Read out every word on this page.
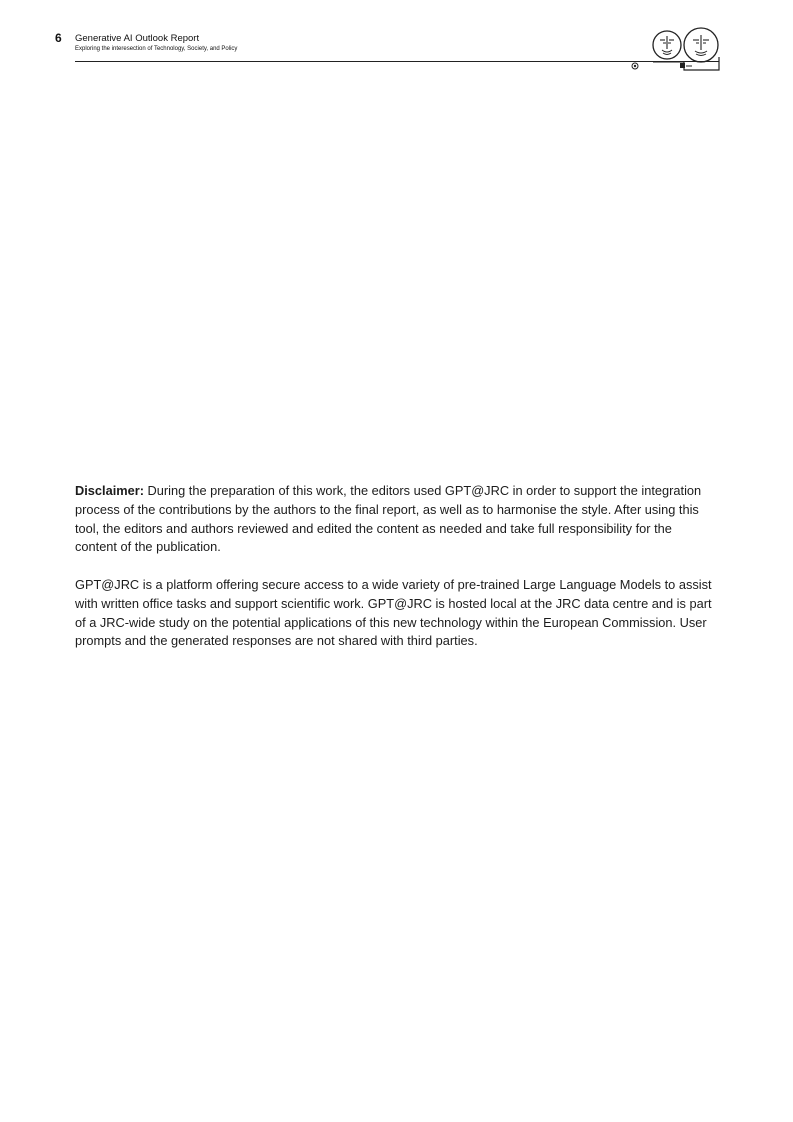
6 Generative AI Outlook Report
Exploring the interesection of Technology, Society, and Policy

Disclaimer: During the preparation of this work, the editors used GPT@JRC in order to support the integration process of the contributions by the authors to the final report, as well as to harmonise the style. After using this tool, the editors and authors reviewed and edited the content as needed and take full responsibility for the content of the publication.

GPT@JRC is a platform offering secure access to a wide variety of pre-trained Large Language Models to assist with written office tasks and support scientific work. GPT@JRC is hosted local at the JRC data centre and is part of a JRC-wide study on the potential applications of this new technology within the European Commission. User prompts and the generated responses are not shared with third parties.
